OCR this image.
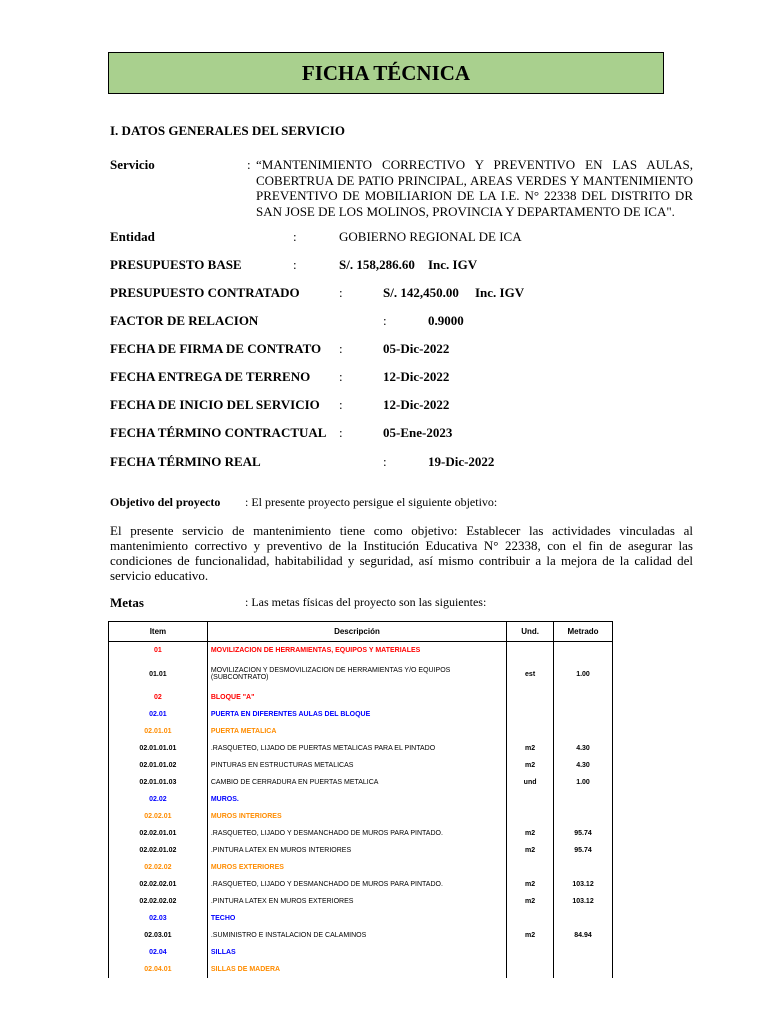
FICHA TÉCNICA
I. DATOS GENERALES DEL SERVICIO
Servicio	: “MANTENIMIENTO CORRECTIVO Y PREVENTIVO EN LAS AULAS, COBERTRUA DE PATIO PRINCIPAL, AREAS VERDES Y MANTENIMIENTO PREVENTIVO DE MOBILIARION DE LA I.E. N° 22338 DEL DISTRITO DR SAN JOSE DE LOS MOLINOS, PROVINCIA Y DEPARTAMENTO DE ICA".
Entidad	:	GOBIERNO REGIONAL DE ICA
PRESUPUESTO BASE	:	S/. 158,286.60 Inc. IGV
PRESUPUESTO CONTRATADO	:	S/. 142,450.00 Inc. IGV
FACTOR DE RELACION	:	0.9000
FECHA DE FIRMA DE CONTRATO :	05-Dic-2022
FECHA ENTREGA DE TERRENO :	12-Dic-2022
FECHA DE INICIO DEL SERVICIO :	12-Dic-2022
FECHA TÉRMINO CONTRACTUAL :	05-Ene-2023
FECHA TÉRMINO REAL	:	19-Dic-2022
Objetivo del proyecto : El presente proyecto persigue el siguiente objetivo:
El presente servicio de mantenimiento tiene como objetivo: Establecer las actividades vinculadas al mantenimiento correctivo y preventivo de la Institución Educativa N° 22338, con el fin de asegurar las condiciones de funcionalidad, habitabilidad y seguridad, así mismo contribuir a la mejora de la calidad del servicio educativo.
Metas	: Las metas físicas del proyecto son las siguientes:
Item	Descripción	Und.	Metrado
01	MOVILIZACION DE HERRAMIENTAS, EQUIPOS Y MATERIALES		
01.01	MOVILIZACION Y DESMOVILIZACION DE HERRAMIENTAS Y/O EQUIPOS (SUBCONTRATO)	est	1.00
02	BLOQUE "A"		
02.01	PUERTA EN DIFERENTES AULAS DEL BLOQUE		
02.01.01	PUERTA METALICA		
02.01.01.01	.RASQUETEO, LIJADO DE PUERTAS METALICAS PARA EL PINTADO	m2	4.30
02.01.01.02	PINTURAS EN ESTRUCTURAS METALICAS	m2	4.30
02.01.01.03	CAMBIO DE CERRADURA EN PUERTAS METALICA	und	1.00
02.02	MUROS.		
02.02.01	MUROS INTERIORES		
02.02.01.01	.RASQUETEO, LIJADO Y DESMANCHADO DE MUROS PARA PINTADO.	m2	95.74
02.02.01.02	.PINTURA LATEX EN MUROS INTERIORES	m2	95.74
02.02.02	MUROS EXTERIORES		
02.02.02.01	.RASQUETEO, LIJADO Y DESMANCHADO DE MUROS PARA PINTADO.	m2	103.12
02.02.02.02	.PINTURA LATEX EN MUROS EXTERIORES	m2	103.12
02.03	TECHO		
02.03.01	.SUMINISTRO E INSTALACION DE CALAMINOS	m2	84.94
02.04	SILLAS		
02.04.01	SILLAS DE MADERA		
